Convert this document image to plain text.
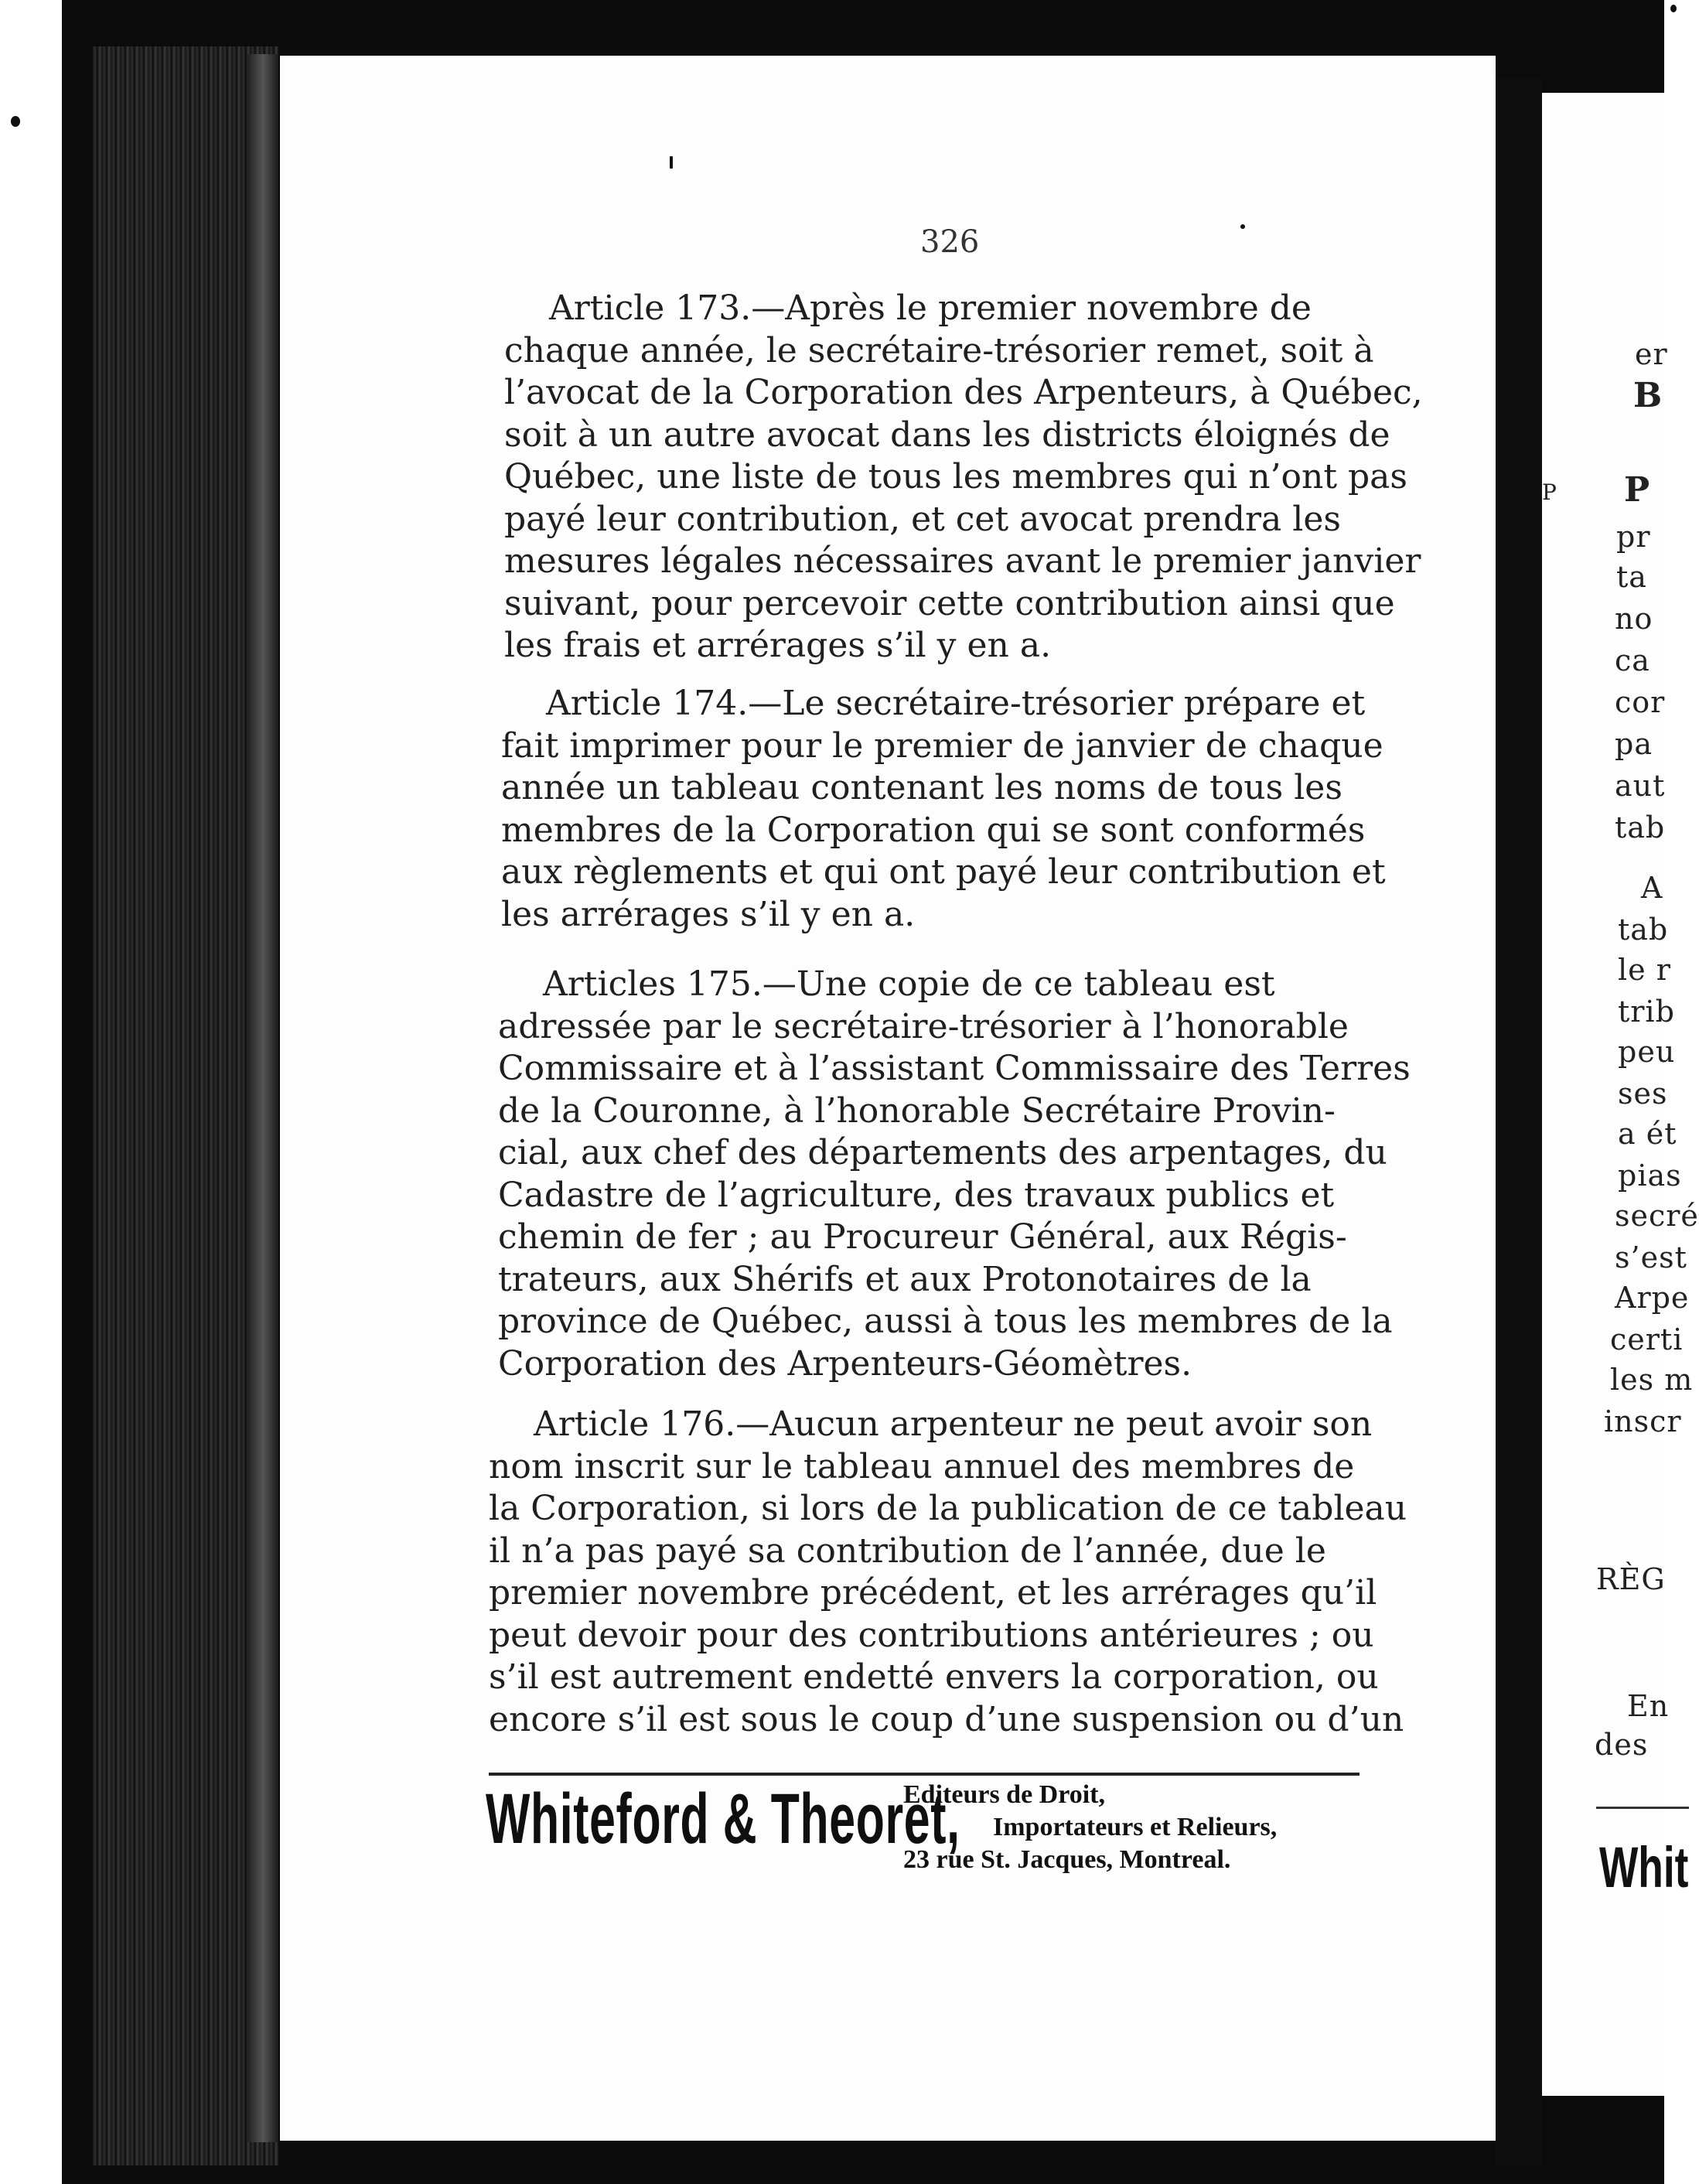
326
Article 173.—Après le premier novembre de
chaque année, le secrétaire-trésorier remet, soit à
l’avocat de la Corporation des Arpenteurs, à Québec,
soit à un autre avocat dans les districts éloignés de
Québec, une liste de tous les membres qui n’ont pas
payé leur contribution, et cet avocat prendra les
mesures légales nécessaires avant le premier janvier
suivant, pour percevoir cette contribution ainsi que
les frais et arrérages s’il y en a.
Article 174.—Le secrétaire-trésorier prépare et
fait imprimer pour le premier de janvier de chaque
année un tableau contenant les noms de tous les
membres de la Corporation qui se sont conformés
aux règlements et qui ont payé leur contribution et
les arrérages s’il y en a.
Articles 175.—Une copie de ce tableau est
adressée par le secrétaire-trésorier à l’honorable
Commissaire et à l’assistant Commissaire des Terres
de la Couronne, à l’honorable Secrétaire Provin-
cial, aux chef des départements des arpentages, du
Cadastre de l’agriculture, des travaux publics et
chemin de fer ; au Procureur Général, aux Régis-
trateurs, aux Shérifs et aux Protonotaires de la
province de Québec, aussi à tous les membres de la
Corporation des Arpenteurs-Géomètres.
Article 176.—Aucun arpenteur ne peut avoir son
nom inscrit sur le tableau annuel des membres de
la Corporation, si lors de la publication de ce tableau
il n’a pas payé sa contribution de l’année, due le
premier novembre précédent, et les arrérages qu’il
peut devoir pour des contributions antérieures ; ou
s’il est autrement endetté envers la corporation, ou
encore s’il est sous le coup d’une suspension ou d’un
Whiteford & Theoret,
Editeurs de Droit,
Importateurs et Relieurs,
23 rue St. Jacques, Montreal.
er
B
P P
pr
ta
no
ca
cor
pa
aut
tab
A
tab
le r
trib
peu
ses
a ét
pias
secré
s’est
Arpe
certi
les m
inscr
RÈG
En
des
Whit
